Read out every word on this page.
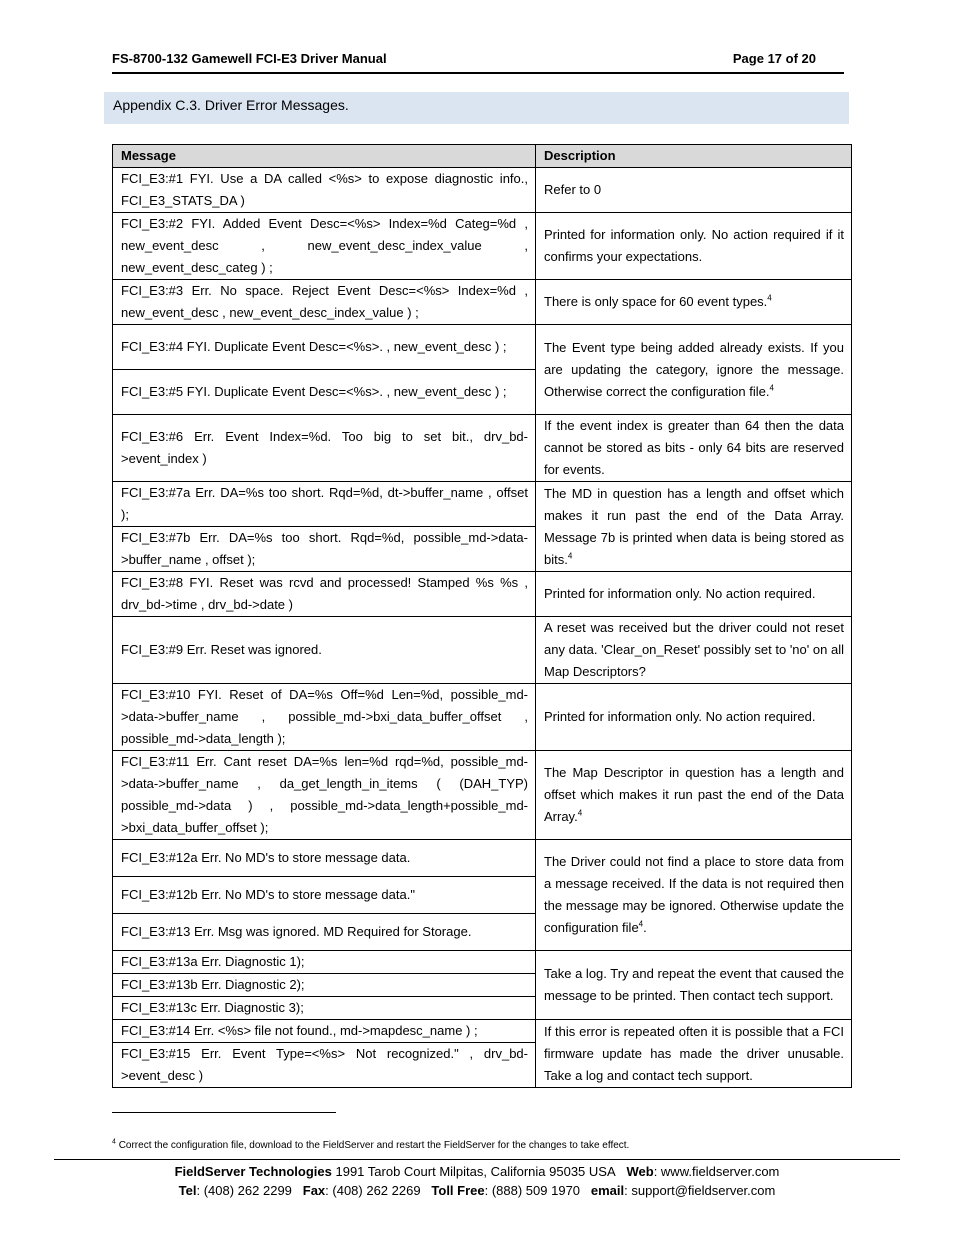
FS-8700-132 Gamewell FCI-E3 Driver Manual	Page 17 of 20
Appendix C.3. Driver Error Messages.
Message	Description
FCI_E3:#1 FYI. Use a DA called <%s> to expose diagnostic info., FCI_E3_STATS_DA )	Refer to 0
FCI_E3:#2 FYI. Added Event Desc=<%s> Index=%d Categ=%d , new_event_desc , new_event_desc_index_value , new_event_desc_categ ) ;	Printed for information only. No action required if it confirms your expectations.
FCI_E3:#3 Err. No space. Reject Event Desc=<%s> Index=%d , new_event_desc , new_event_desc_index_value ) ;	There is only space for 60 event types.$^4$
FCI_E3:#4 FYI. Duplicate Event Desc=<%s>. , new_event_desc ) ;	The Event type being added already exists. If you are updating the category, ignore the message. Otherwise correct the configuration file.$^4$
FCI_E3:#5 FYI. Duplicate Event Desc=<%s>. , new_event_desc ) ;	
FCI_E3:#6 Err. Event Index=%d. Too big to set bit., drv_bd->event_index )	If the event index is greater than 64 then the data cannot be stored as bits - only 64 bits are reserved for events.
FCI_E3:#7a Err. DA=%s too short. Rqd=%d, dt->buffer_name , offset );	The MD in question has a length and offset which makes it run past the end of the Data Array. Message 7b is printed when data is being stored as bits.$^4$
FCI_E3:#7b Err. DA=%s too short. Rqd=%d, possible_md->data->buffer_name , offset );	
FCI_E3:#8 FYI. Reset was rcvd and processed! Stamped %s %s , drv_bd->time , drv_bd->date )	Printed for information only. No action required.
FCI_E3:#9 Err. Reset was ignored.	A reset was received but the driver could not reset any data. 'Clear_on_Reset' possibly set to 'no' on all Map Descriptors?
FCI_E3:#10 FYI. Reset of DA=%s Off=%d Len=%d, possible_md->data->buffer_name , possible_md->bxi_data_buffer_offset , possible_md->data_length );	Printed for information only. No action required.
FCI_E3:#11 Err. Cant reset DA=%s len=%d rqd=%d, possible_md->data->buffer_name , da_get_length_in_items ( (DAH_TYP) possible_md->data ) , possible_md->data_length+possible_md->bxi_data_buffer_offset );	The Map Descriptor in question has a length and offset which makes it run past the end of the Data Array.$^4$
FCI_E3:#12a Err. No MD's to store message data.	The Driver could not find a place to store data from a message received. If the data is not required then the message may be ignored. Otherwise update the configuration file$^4$.
FCI_E3:#12b Err. No MD's to store message data."	
FCI_E3:#13 Err. Msg was ignored. MD Required for Storage.	
FCI_E3:#13a Err. Diagnostic 1);	Take a log. Try and repeat the event that caused the message to be printed. Then contact tech support.
FCI_E3:#13b Err. Diagnostic 2);	
FCI_E3:#13c Err. Diagnostic 3);	
FCI_E3:#14 Err. <%s> file not found., md->mapdesc_name ) ;	If this error is repeated often it is possible that a FCI firmware update has made the driver unusable. Take a log and contact tech support.
FCI_E3:#15 Err. Event Type=<%s> Not recognized." , drv_bd->event_desc )	
$^4$ Correct the configuration file, download to the FieldServer and restart the FieldServer for the changes to take effect.
FieldServer Technologies 1991 Tarob Court Milpitas, California 95035 USA Web: www.fieldserver.com
Tel: (408) 262 2299 Fax: (408) 262 2269 Toll Free: (888) 509 1970 email: support@fieldserver.com
